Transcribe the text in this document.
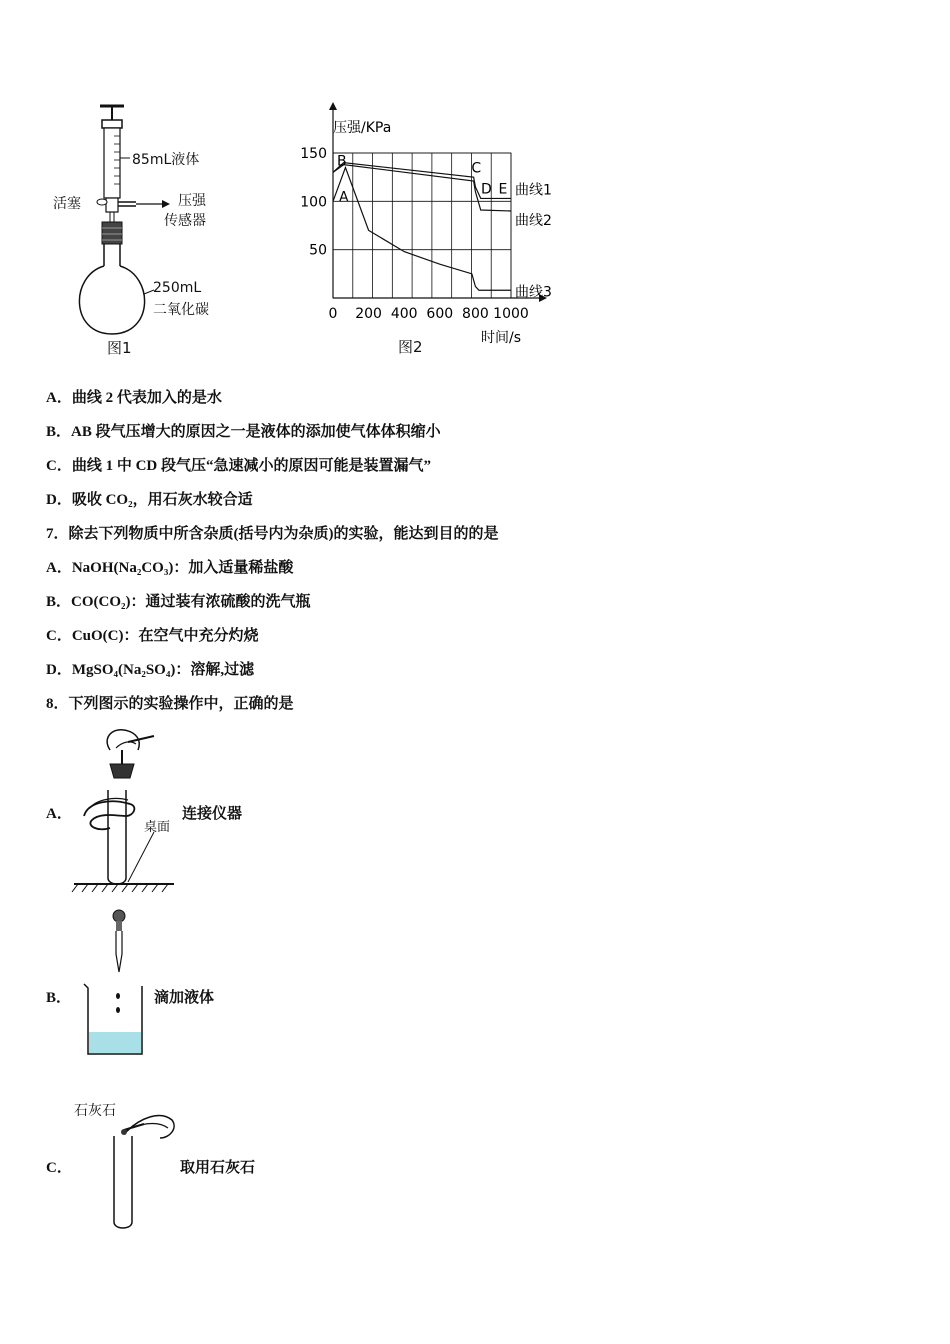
85mL液体
活塞	压强
传感器
250mL
二氧化碳
图1
150
100
50
0 200 400 600 800 1000
压强/KPa
时间/s
曲线1
曲线2
曲线3
A
B	C
D E
图2
A．曲线 2 代表加入的是水
B．AB 段气压增大的原因之一是液体的添加使气体体积缩小
C．曲线 1 中 CD 段气压“急速减小的原因可能是装置漏气”
D．吸收 CO₂，用石灰水较合适
7．除去下列物质中所含杂质(括号内为杂质)的实验，能达到目的的是
A．NaOH(Na₂CO₃)：加入适量稀盐酸
B．CO(CO₂)：通过装有浓硫酸的洗气瓶
C．CuO(C)：在空气中充分灼烧
D．MgSO₄(Na₂SO₄)：溶解,过滤
8．下列图示的实验操作中，正确的是
A．
桌面
连接仪器
B．	滴加液体
C．
石灰石
取用石灰石
